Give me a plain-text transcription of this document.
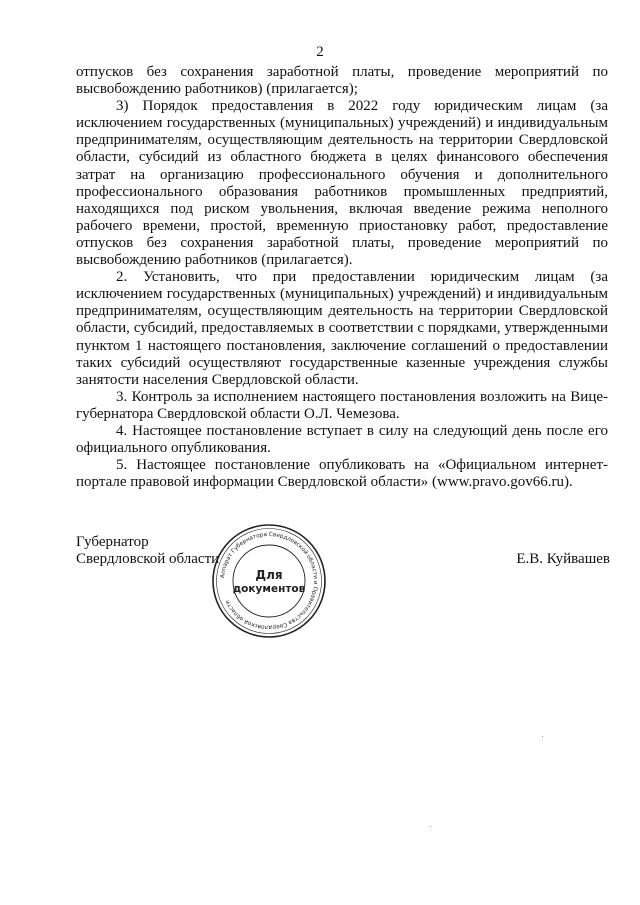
2

отпусков без сохранения заработной платы, проведение мероприятий по высвобождению работников) (прилагается);

3) Порядок предоставления в 2022 году юридическим лицам (за исключением государственных (муниципальных) учреждений) и индивидуальным предпринимателям, осуществляющим деятельность на территории Свердловской области, субсидий из областного бюджета в целях финансового обеспечения затрат на организацию профессионального обучения и дополнительного профессионального образования работников промышленных предприятий, находящихся под риском увольнения, включая введение режима неполного рабочего времени, простой, временную приостановку работ, предоставление отпусков без сохранения заработной платы, проведение мероприятий по высвобождению работников (прилагается).

2. Установить, что при предоставлении юридическим лицам (за исключением государственных (муниципальных) учреждений) и индивидуальным предпринимателям, осуществляющим деятельность на территории Свердловской области, субсидий, предоставляемых в соответствии с порядками, утвержденными пунктом 1 настоящего постановления, заключение соглашений о предоставлении таких субсидий осуществляют государственные казенные учреждения службы занятости населения Свердловской области.

3. Контроль за исполнением настоящего постановления возложить на Вице-губернатора Свердловской области О.Л. Чемезова.

4. Настоящее постановление вступает в силу на следующий день после его официального опубликования.

5. Настоящее постановление опубликовать на «Официальном интернет-портале правовой информации Свердловской области» (www.pravo.gov66.ru).

Губернатор
Свердловской области	Е.В. Куйвашев
Аппарат Губернатора Свердловской области и Правительства Свердловской области
Для
документов
